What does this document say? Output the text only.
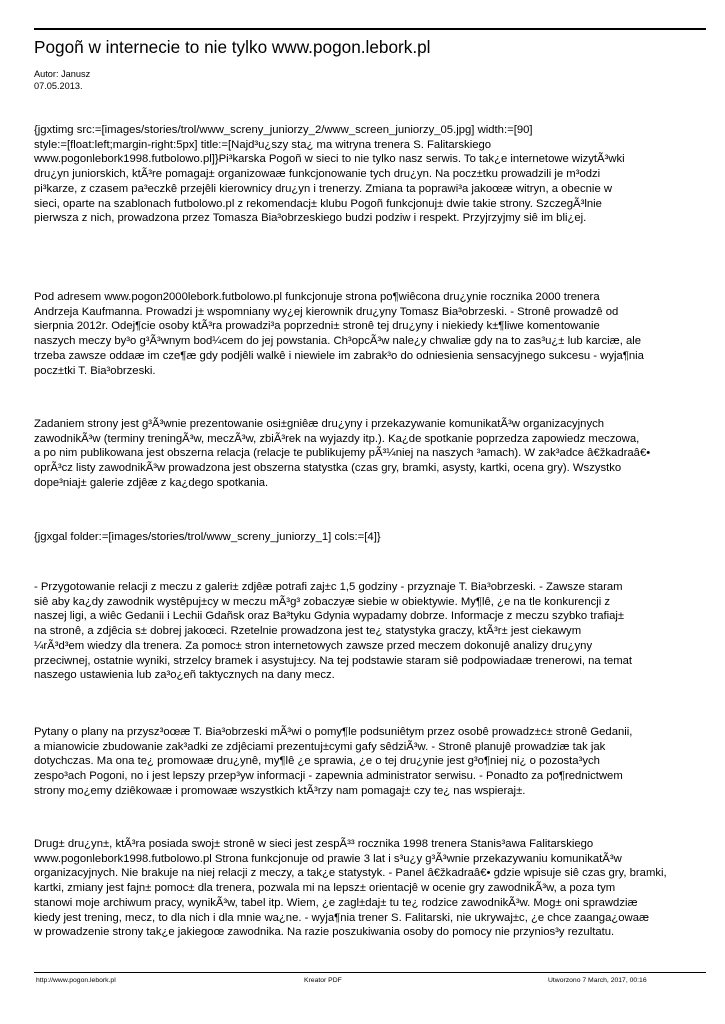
Pogoñ w internecie to nie tylko www.pogon.lebork.pl
Autor: Janusz
07.05.2013.
{jgxtimg src:=[images/stories/trol/www_screny_juniorzy_2/www_screen_juniorzy_05.jpg] width:=[90]
style:=[float:left;margin-right:5px] title:=[Najd³u¿szy sta¿ ma witryna trenera S. Falitarskiego
www.pogonlebork1998.futbolowo.pl]}Pi³karska Pogoñ w sieci to nie tylko nasz serwis. To tak¿e internetowe wizytÃ³wki
dru¿yn juniorskich, ktÃ³re pomagaj± organizowaæ funkcjonowanie tych dru¿yn. Na pocz±tku prowadzili je m³odzi
pi³karze, z czasem pa³eczkê przejêli kierownicy dru¿yn i trenerzy. Zmiana ta poprawi³a jakoœæ witryn, a obecnie w
sieci, oparte na szablonach futbolowo.pl z rekomendacj± klubu Pogoñ funkcjonuj± dwie takie strony. SzczegÃ³lnie
pierwsza z nich, prowadzona przez Tomasza Bia³obrzeskiego budzi podziw i respekt. Przyjrzyjmy siê im bli¿ej.
Pod adresem www.pogon2000lebork.futbolowo.pl funkcjonuje strona po¶wiêcona dru¿ynie rocznika 2000 trenera
Andrzeja Kaufmanna. Prowadzi j± wspomniany wy¿ej kierownik dru¿yny Tomasz Bia³obrzeski. - Stronê prowadzê od
sierpnia 2012r. Odej¶cie osoby ktÃ³ra prowadzi³a poprzedni± stronê tej dru¿yny i niekiedy k±¶liwe komentowanie
naszych meczy by³o g³Ã³wnym bod¼cem do jej powstania. Ch³opcÃ³w nale¿y chwaliæ gdy na to zas³u¿± lub karciæ, ale
trzeba zawsze oddaæ im cze¶æ gdy podjêli walkê i niewiele im zabrak³o do odniesienia sensacyjnego sukcesu - wyja¶nia
pocz±tki T. Bia³obrzeski.
Zadaniem strony jest g³Ã³wnie prezentowanie osi±gniêæ dru¿yny i przekazywanie komunikatÃ³w organizacyjnych
zawodnikÃ³w (terminy treningÃ³w, meczÃ³w, zbiÃ³rek na wyjazdy itp.). Ka¿de spotkanie poprzedza zapowiedz meczowa,
a po nim publikowana jest obszerna relacja (relacje te publikujemy pÃ³¼niej na naszych ³amach). W zak³adce â€žkadraâ€•
oprÃ³cz listy zawodnikÃ³w prowadzona jest obszerna statystka (czas gry, bramki, asysty, kartki, ocena gry). Wszystko
dope³niaj± galerie zdjêæ z ka¿dego spotkania.
{jgxgal folder:=[images/stories/trol/www_screny_juniorzy_1] cols:=[4]}
- Przygotowanie relacji z meczu z galeri± zdjêæ potrafi zaj±c 1,5 godziny - przyznaje T. Bia³obrzeski. - Zawsze staram
siê aby ka¿dy zawodnik wystêpuj±cy w meczu mÃ³g³ zobaczyæ siebie w obiektywie. My¶lê, ¿e na tle konkurencji z
naszej ligi, a wiêc Gedanii i Lechii Gdañsk oraz Ba³tyku Gdynia wypadamy dobrze. Informacje z meczu szybko trafiaj±
na stronê, a zdjêcia s± dobrej jakoœci. Rzetelnie prowadzona jest te¿ statystyka graczy, ktÃ³r± jest ciekawym
¼rÃ³d³em wiedzy dla trenera. Za pomoc± stron internetowych zawsze przed meczem dokonujê analizy dru¿yny
przeciwnej, ostatnie wyniki, strzelcy bramek i asystuj±cy. Na tej podstawie staram siê podpowiadaæ trenerowi, na temat
naszego ustawienia lub za³o¿eñ taktycznych na dany mecz.
Pytany o plany na przysz³oœæ T. Bia³obrzeski mÃ³wi o pomy¶le podsuniêtym przez osobê prowadz±c± stronê Gedanii,
a mianowicie zbudowanie zak³adki ze zdjêciami prezentuj±cymi gafy sêdziÃ³w. - Stronê planujê prowadziæ tak jak
dotychczas. Ma ona te¿ promowaæ dru¿ynê, my¶lê ¿e sprawia, ¿e o tej dru¿ynie jest g³o¶niej ni¿ o pozosta³ych
zespo³ach Pogoni, no i jest lepszy przep³yw informacji - zapewnia administrator serwisu. - Ponadto za po¶rednictwem
strony mo¿emy dziêkowaæ i promowaæ wszystkich ktÃ³rzy nam pomagaj± czy te¿ nas wspieraj±.
Drug± dru¿yn±, ktÃ³ra posiada swoj± stronê w sieci jest zespÃ³³ rocznika 1998 trenera Stanis³awa Falitarskiego
www.pogonlebork1998.futbolowo.pl Strona funkcjonuje od prawie 3 lat i s³u¿y g³Ã³wnie przekazywaniu komunikatÃ³w
organizacyjnych. Nie brakuje na niej relacji z meczy, a tak¿e statystyk. - Panel â€žkadraâ€• gdzie wpisuje siê czas gry, bramki,
kartki, zmiany jest fajn± pomoc± dla trenera, pozwala mi na lepsz± orientacjê w ocenie gry zawodnikÃ³w, a poza tym
stanowi moje archiwum pracy, wynikÃ³w, tabel itp. Wiem, ¿e zagl±daj± tu te¿ rodzice zawodnikÃ³w. Mog± oni sprawdziæ
kiedy jest trening, mecz, to dla nich i dla mnie wa¿ne. - wyja¶nia trener S. Falitarski, nie ukrywaj±c, ¿e chce zaanga¿owaæ
w prowadzenie strony tak¿e jakiegoœ zawodnika. Na razie poszukiwania osoby do pomocy nie przynios³y rezultatu.
http://www.pogon.lebork.pl	Kreator PDF	Utworzono 7 March, 2017, 00:16
